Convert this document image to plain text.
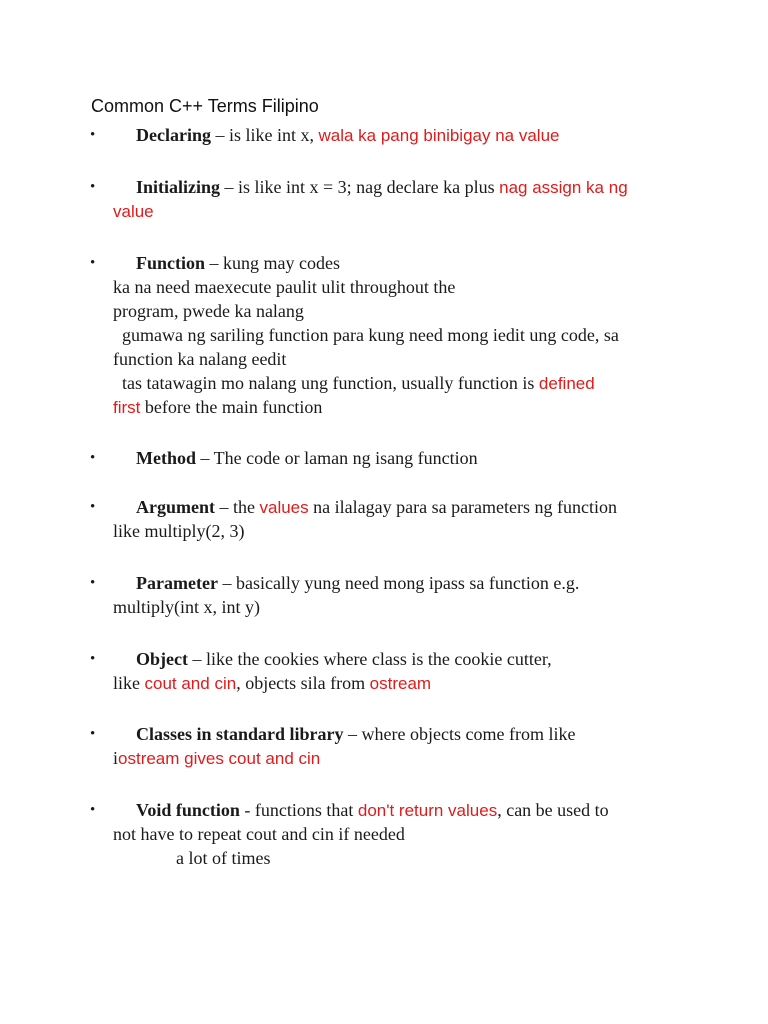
Common C++ Terms Filipino
• Declaring – is like int x, wala ka pang binibigay na value
• Initializing – is like int x = 3; nag declare ka plus nag assign ka ng
value
• Function – kung may codes
ka na need maexecute paulit ulit throughout the
program, pwede ka nalang
gumawa ng sariling function para kung need mong iedit ung code, sa
function ka nalang eedit
tas tatawagin mo nalang ung function, usually function is defined
first before the main function
• Method – The code or laman ng isang function
• Argument – the values na ilalagay para sa parameters ng function
like multiply(2, 3)
• Parameter – basically yung need mong ipass sa function e.g.
multiply(int x, int y)
• Object – like the cookies where class is the cookie cutter,
like cout and cin, objects sila from ostream
• Classes in standard library – where objects come from like
iostream gives cout and cin
• Void function - functions that don't return values, can be used to
not have to repeat cout and cin if needed
a lot of times
